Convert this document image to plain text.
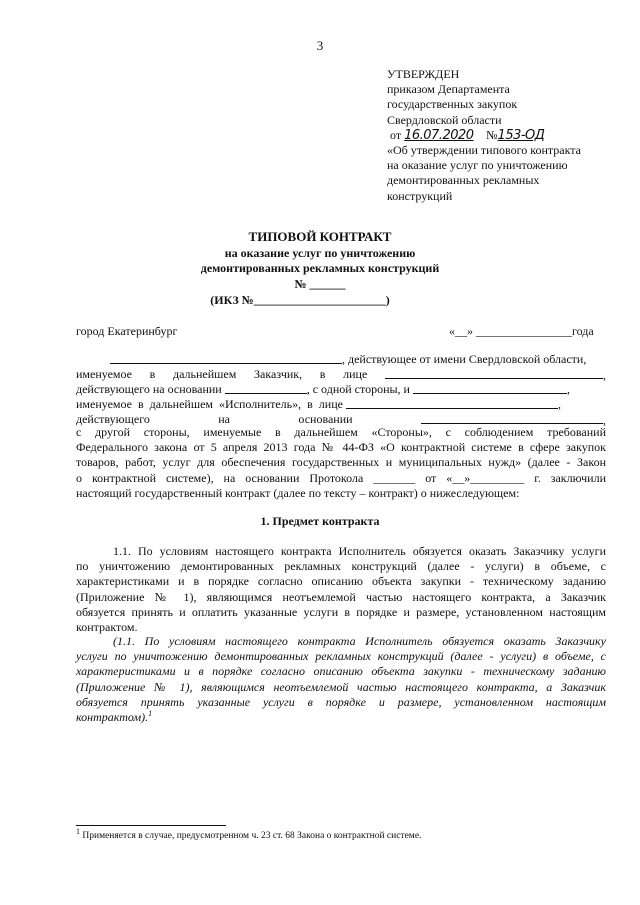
3
УТВЕРЖДЕН
приказом Департамента
государственных закупок
Свердловской области
от 16.07.2020 №153-ОД
«Об утверждении типового контракта
на оказание услуг по уничтожению
демонтированных рекламных
конструкций
ТИПОВОЙ КОНТРАКТ
на оказание услуг по уничтожению
демонтированных рекламных конструкций
№ ______
(ИКЗ №______________________)
город Екатеринбург	«__» ________________года
, действующее от имени Свердловской области,
именуемое в дальнейшем Заказчик, в лице	,
действующего на основании
	, с одной стороны, и
	,
именуемое в дальнейшем «Исполнитель», в лице
	,
действующего	на	основании	,
с другой стороны, именуемые в дальнейшем «Стороны», с соблюдением требований
Федерального закона от 5 апреля 2013 года № 44-ФЗ «О контрактной системе в сфере закупок
товаров, работ, услуг для обеспечения государственных и муниципальных нужд» (далее - Закон
о контрактной системе), на основании Протокола _______ от «__»_________ г. заключили
настоящий государственный контракт (далее по тексту – контракт) о нижеследующем:
1. Предмет контракта
1.1. По условиям настоящего контракта Исполнитель обязуется оказать Заказчику услуги
по уничтожению демонтированных рекламных конструкций (далее - услуги) в объеме, с
характеристиками и в порядке согласно описанию объекта закупки - техническому заданию
(Приложение № 1), являющимся неотъемлемой частью настоящего контракта, а Заказчик
обязуется принять и оплатить указанные услуги в порядке и размере, установленном настоящим
контрактом.
(1.1. По условиям настоящего контракта Исполнитель обязуется оказать Заказчику
услуги по уничтожению демонтированных рекламных конструкций (далее - услуги) в объеме, с
характеристиками и в порядке согласно описанию объекта закупки - техническому заданию
(Приложение № 1), являющимся неотъемлемой частью настоящего контракта, а Заказчик
обязуется принять указанные услуги в порядке и размере, установленном настоящим
контрактом).$^1$
$^1$ Применяется в случае, предусмотренном ч. 23 ст. 68 Закона о контрактной системе.
